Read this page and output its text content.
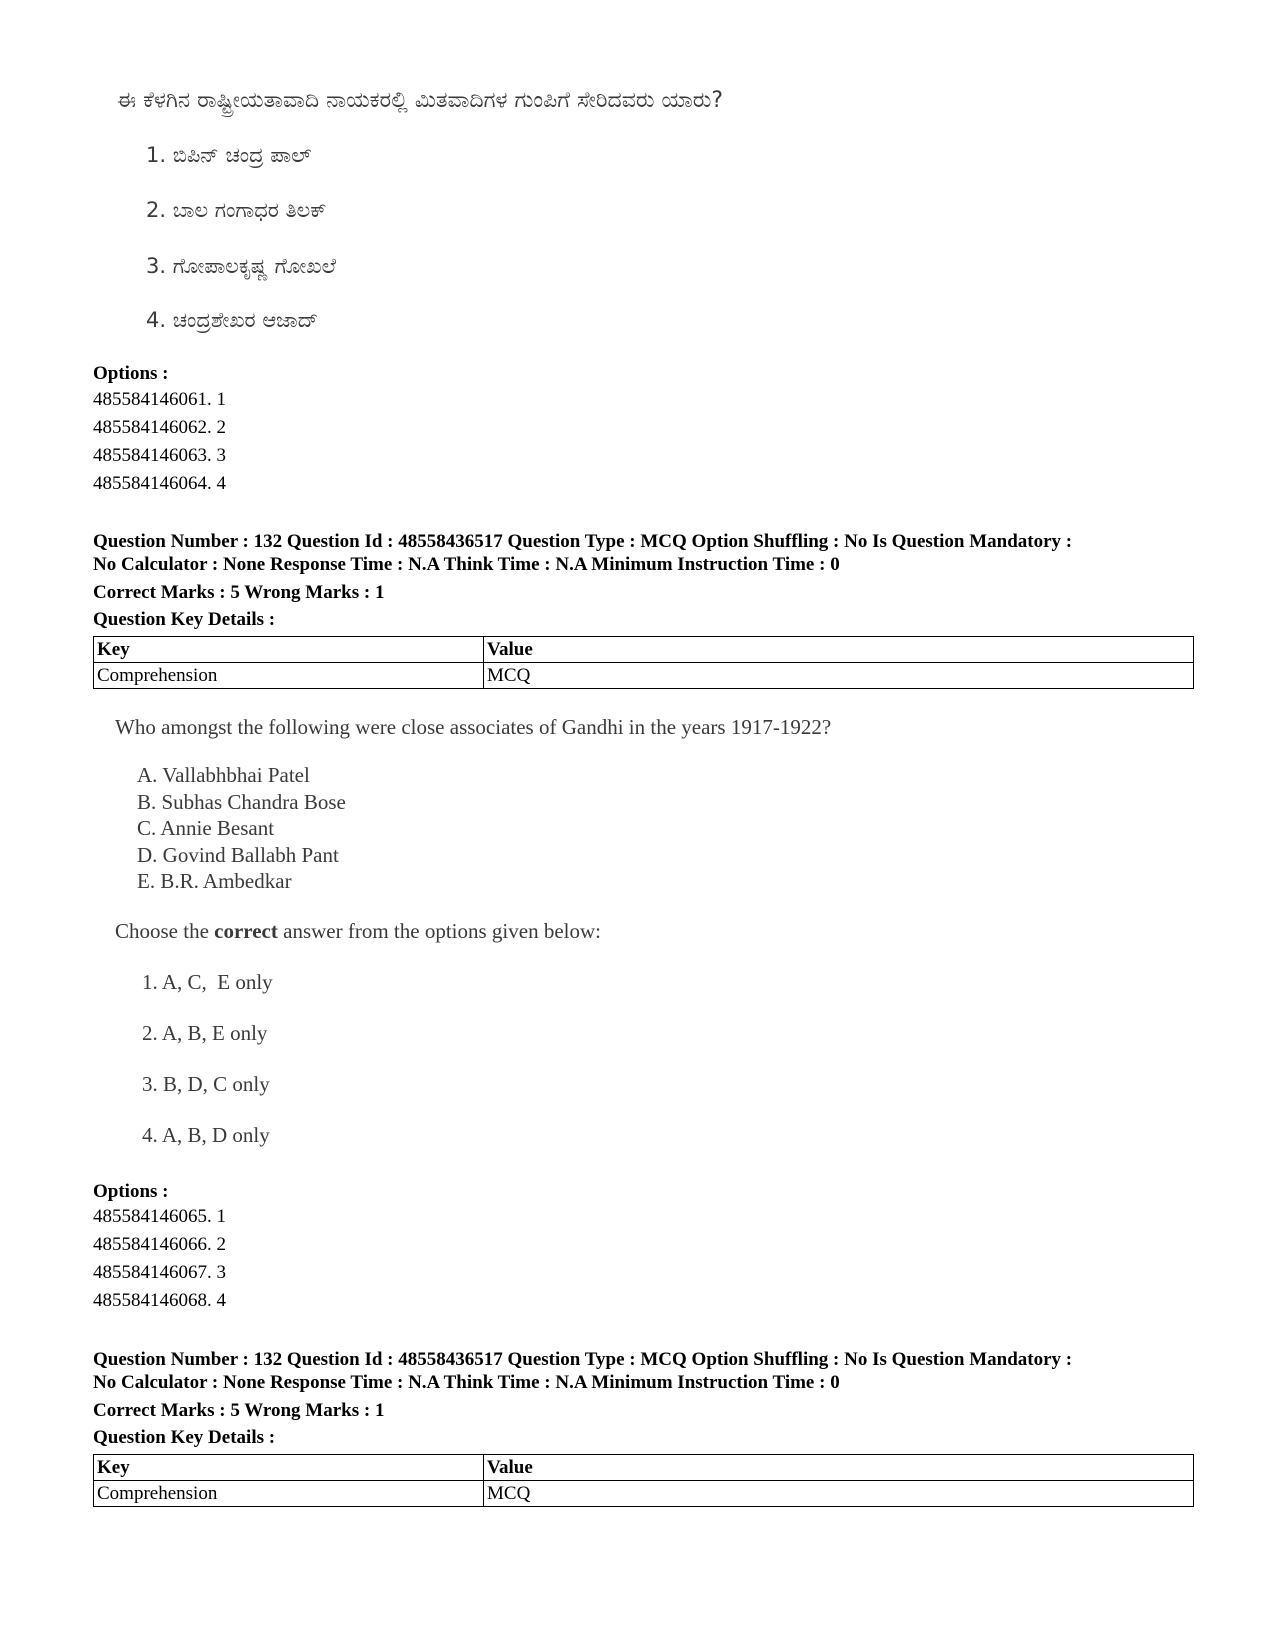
ಈ ಕೆಳಗಿನ ರಾಷ್ಟ್ರೀಯತಾವಾದಿ ನಾಯಕರಲ್ಲಿ ಮಿತವಾದಿಗಳ ಗುಂಪಿಗೆ ಸೇರಿದವರು ಯಾರು?
1. ಬಿಪಿನ್ ಚಂದ್ರ ಪಾಲ್
2. ಬಾಲ ಗಂಗಾಧರ ತಿಲಕ್
3. ಗೋಪಾಲಕೃಷ್ಣ ಗೋಖಲೆ
4. ಚಂದ್ರಶೇಖರ ಆಜಾದ್
Options :
485584146061. 1
485584146062. 2
485584146063. 3
485584146064. 4
Question Number : 132 Question Id : 48558436517 Question Type : MCQ Option Shuffling : No Is Question Mandatory :
No Calculator : None Response Time : N.A Think Time : N.A Minimum Instruction Time : 0
Correct Marks : 5 Wrong Marks : 1
Question Key Details :
Key	Value
Comprehension	MCQ
Who amongst the following were close associates of Gandhi in the years 1917-1922?
A. Vallabhbhai Patel
B. Subhas Chandra Bose
C. Annie Besant
D. Govind Ballabh Pant
E. B.R. Ambedkar
Choose the correct answer from the options given below:
1. A, C,  E only
2. A, B, E only
3. B, D, C only
4. A, B, D only
Options :
485584146065. 1
485584146066. 2
485584146067. 3
485584146068. 4
Question Number : 132 Question Id : 48558436517 Question Type : MCQ Option Shuffling : No Is Question Mandatory :
No Calculator : None Response Time : N.A Think Time : N.A Minimum Instruction Time : 0
Correct Marks : 5 Wrong Marks : 1
Question Key Details :
Key	Value
Comprehension	MCQ
